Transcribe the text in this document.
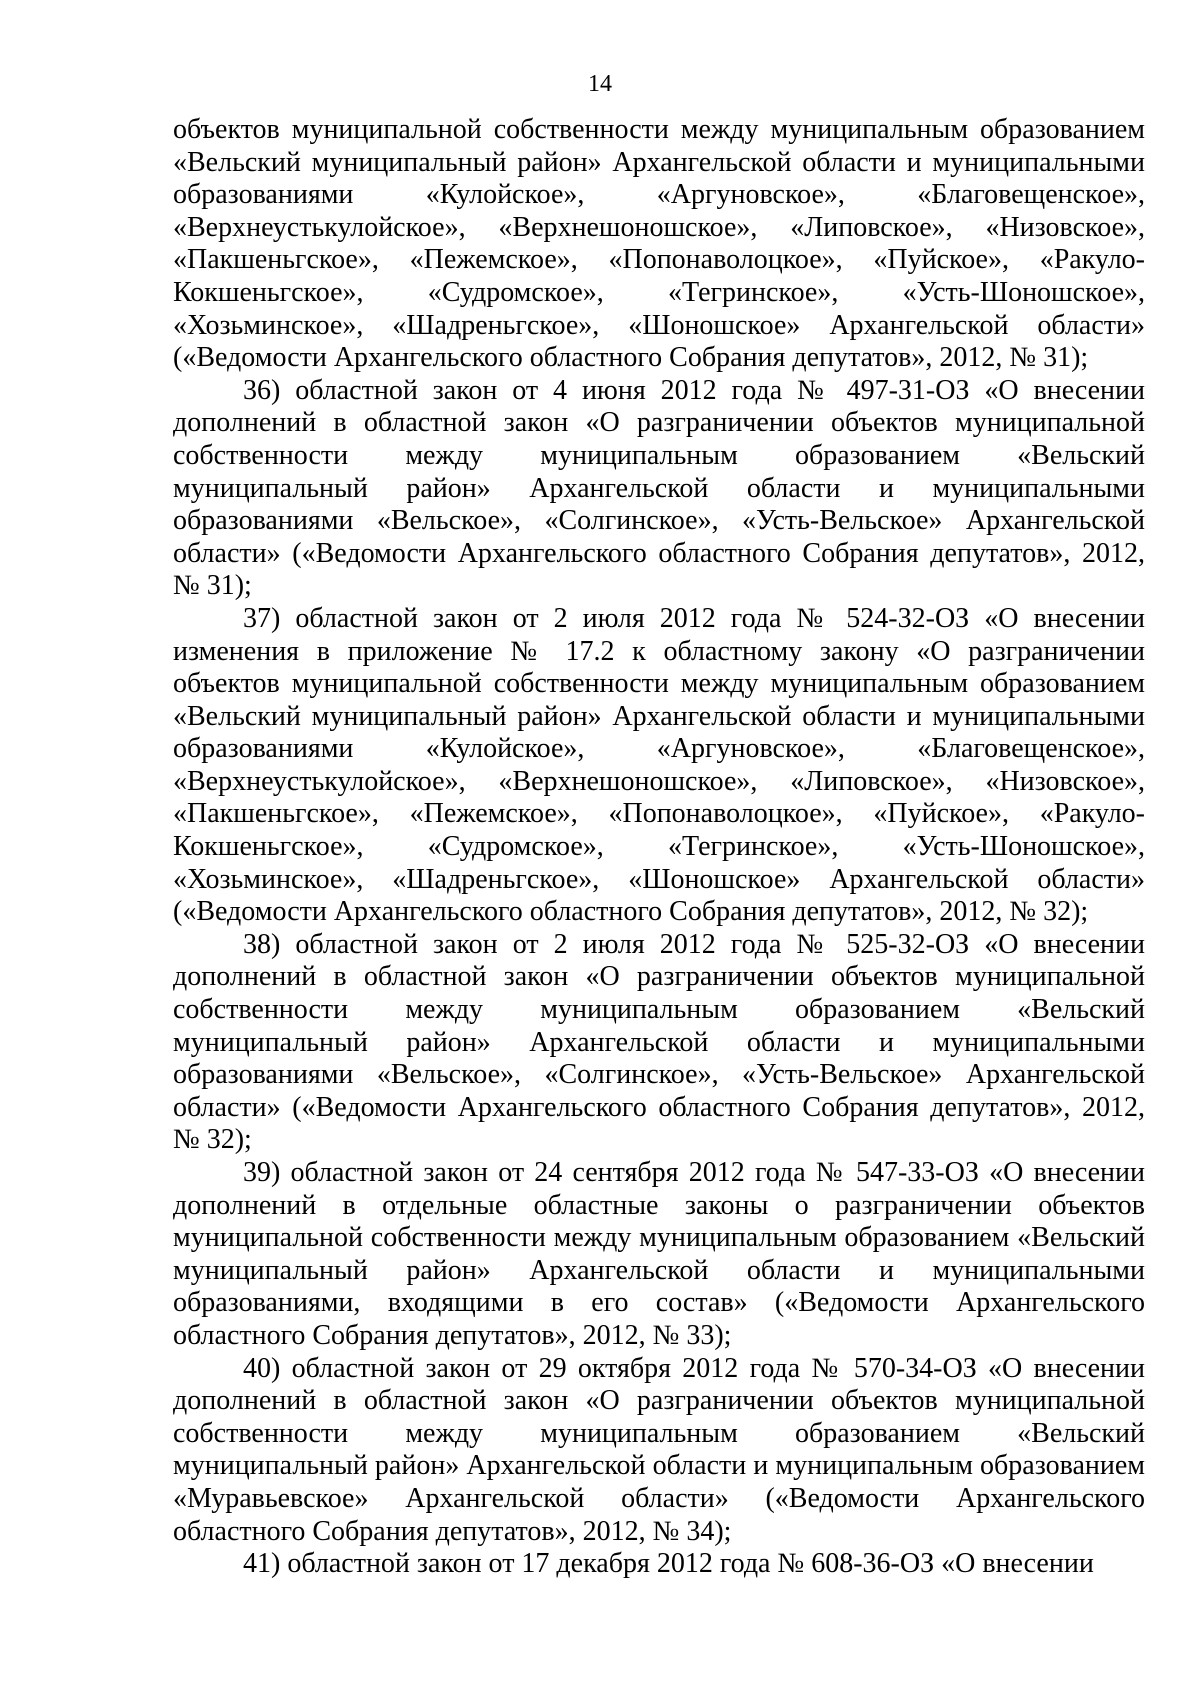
14

объектов муниципальной собственности между муниципальным образованием «Вельский муниципальный район» Архангельской области и муниципальными образованиями «Кулойское», «Аргуновское», «Благовещенское», «Верхнеустькулойское», «Верхнешоношское», «Липовское», «Низовское», «Пакшеньгское», «Пежемское», «Попонаволоцкое», «Пуйское», «Ракуло-Кокшеньгское», «Судромское», «Тегринское», «Усть-Шоношское», «Хозьминское», «Шадреньгское», «Шоношское» Архангельской области» («Ведомости Архангельского областного Собрания депутатов», 2012, № 31);

36) областной закон от 4 июня 2012 года № 497-31-ОЗ «О внесении дополнений в областной закон «О разграничении объектов муниципальной собственности между муниципальным образованием «Вельский муниципальный район» Архангельской области и муниципальными образованиями «Вельское», «Солгинское», «Усть-Вельское» Архангельской области» («Ведомости Архангельского областного Собрания депутатов», 2012, № 31);

37) областной закон от 2 июля 2012 года № 524-32-ОЗ «О внесении изменения в приложение № 17.2 к областному закону «О разграничении объектов муниципальной собственности между муниципальным образованием «Вельский муниципальный район» Архангельской области и муниципальными образованиями «Кулойское», «Аргуновское», «Благовещенское», «Верхнеустькулойское», «Верхнешоношское», «Липовское», «Низовское», «Пакшеньгское», «Пежемское», «Попонаволоцкое», «Пуйское», «Ракуло-Кокшеньгское», «Судромское», «Тегринское», «Усть-Шоношское», «Хозьминское», «Шадреньгское», «Шоношское» Архангельской области» («Ведомости Архангельского областного Собрания депутатов», 2012, № 32);

38) областной закон от 2 июля 2012 года № 525-32-ОЗ «О внесении дополнений в областной закон «О разграничении объектов муниципальной собственности между муниципальным образованием «Вельский муниципальный район» Архангельской области и муниципальными образованиями «Вельское», «Солгинское», «Усть-Вельское» Архангельской области» («Ведомости Архангельского областного Собрания депутатов», 2012, № 32);

39) областной закон от 24 сентября 2012 года № 547-33-ОЗ «О внесении дополнений в отдельные областные законы о разграничении объектов муниципальной собственности между муниципальным образованием «Вельский муниципальный район» Архангельской области и муниципальными образованиями, входящими в его состав» («Ведомости Архангельского областного Собрания депутатов», 2012, № 33);

40) областной закон от 29 октября 2012 года № 570-34-ОЗ «О внесении дополнений в областной закон «О разграничении объектов муниципальной собственности между муниципальным образованием «Вельский муниципальный район» Архангельской области и муниципальным образованием «Муравьевское» Архангельской области» («Ведомости Архангельского областного Собрания депутатов», 2012, № 34);

41) областной закон от 17 декабря 2012 года № 608-36-ОЗ «О внесении
